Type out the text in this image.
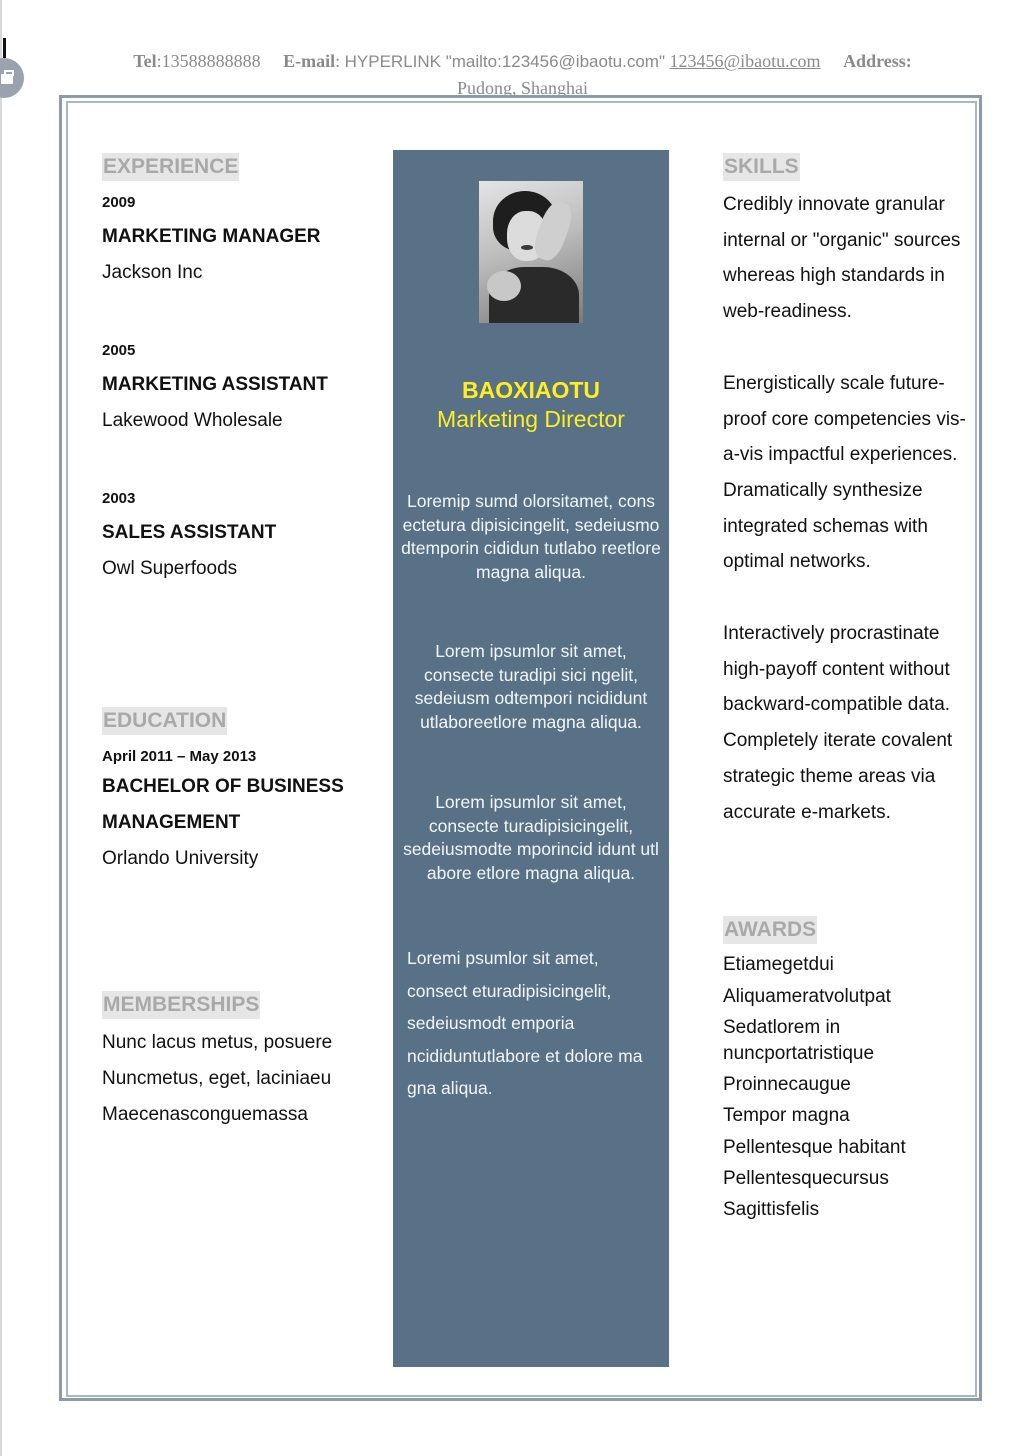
Tel:13588888888 E-mail: HYPERLINK "mailto:123456@ibaotu.com" 123456@ibaotu.com Address:
Pudong, Shanghai
EXPERIENCE
2009
MARKETING MANAGER
Jackson Inc
2005
MARKETING ASSISTANT
Lakewood Wholesale
2003
SALES ASSISTANT
Owl Superfoods
EDUCATION
April 2011 – May 2013
BACHELOR OF BUSINESS
MANAGEMENT
Orlando University
MEMBERSHIPS
Nunc lacus metus, posuere
Nuncmetus, eget, laciniaeu
Maecenasconguemassa
BAOXIAOTU
Marketing Director

Loremip sumd olorsitamet, cons ectetura dipisicingelit, sedeiusmo dtemporin cididun tutlabo reetlore magna aliqua.

Lorem ipsumlor sit amet, consecte turadipi sici ngelit, sedeiusm odtempori ncididunt utlaboreetlore magna aliqua.

Lorem ipsumlor sit amet, consecte turadipisicingelit, sedeiusmodte mporincid idunt utl abore etlore magna aliqua.

Loremi psumlor sit amet, consect eturadipisicingelit, sedeiusmodt emporia ncididuntutlabore et dolore ma gna aliqua.

SKILLS

Credibly innovate granular internal or "organic" sources whereas high standards in web-readiness.

Energistically scale future-proof core competencies vis-a-vis impactful experiences. Dramatically synthesize integrated schemas with optimal networks.

Interactively procrastinate high-payoff content without backward-compatible data. Completely iterate covalent strategic theme areas via accurate e-markets.

AWARDS
Etiamegetdui
Aliquameratvolutpat
Sedatlorem in nuncportatristique
Proinnecaugue
Tempor magna
Pellentesque habitant
Pellentesquecursus
Sagittisfelis
